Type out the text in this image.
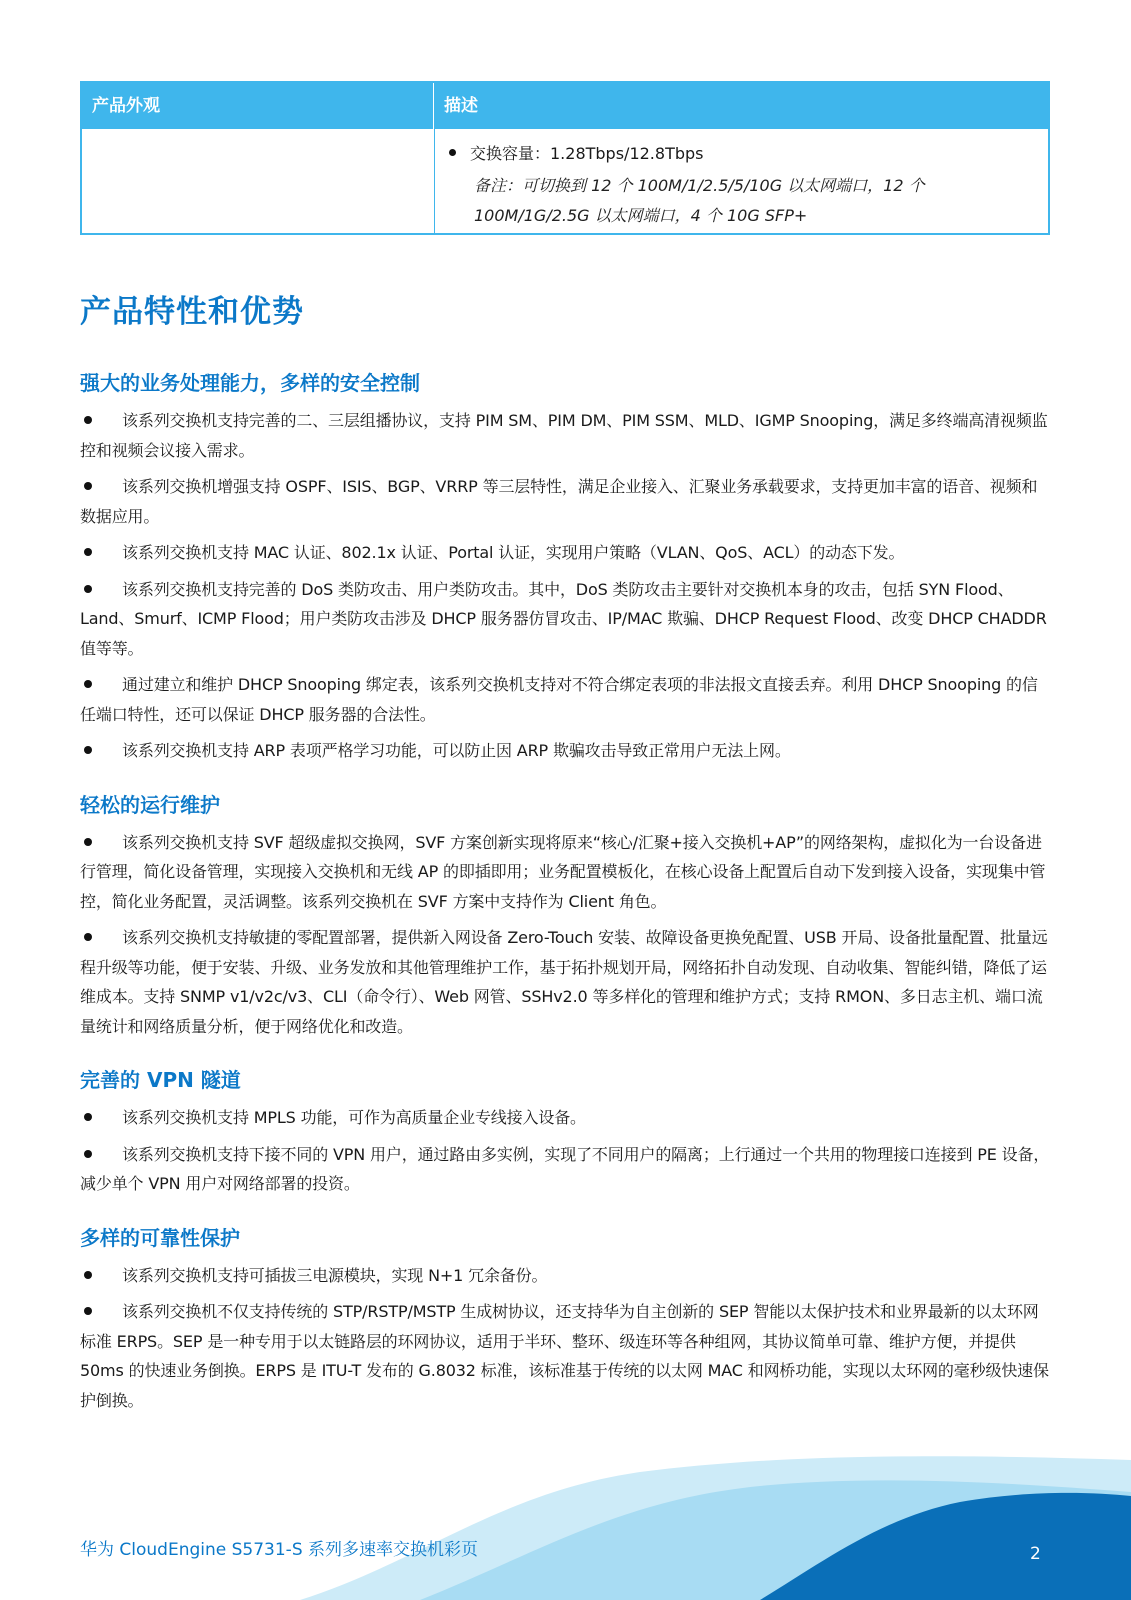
产品外观	描述
交换容量：1.28Tbps/12.8Tbps
备注：可切换到 12 个 100M/1/2.5/5/10G 以太网端口，12 个
100M/1G/2.5G 以太网端口，4 个 10G SFP+
产品特性和优势
强大的业务处理能力，多样的安全控制

该系列交换机支持完善的二、三层组播协议，支持 PIM SM、PIM DM、PIM SSM、MLD、IGMP Snooping，满足多终端高清视频监控和视频会议接入需求。

该系列交换机增强支持 OSPF、ISIS、BGP、VRRP 等三层特性，满足企业接入、汇聚业务承载要求，支持更加丰富的语音、视频和数据应用。

该系列交换机支持 MAC 认证、802.1x 认证、Portal 认证，实现用户策略（VLAN、QoS、ACL）的动态下发。

该系列交换机支持完善的 DoS 类防攻击、用户类防攻击。其中，DoS 类防攻击主要针对交换机本身的攻击，包括 SYN Flood、Land、Smurf、ICMP Flood；用户类防攻击涉及 DHCP 服务器仿冒攻击、IP/MAC 欺骗、DHCP Request Flood、改变 DHCP CHADDR 值等等。

通过建立和维护 DHCP Snooping 绑定表，该系列交换机支持对不符合绑定表项的非法报文直接丢弃。利用 DHCP Snooping 的信任端口特性，还可以保证 DHCP 服务器的合法性。

该系列交换机支持 ARP 表项严格学习功能，可以防止因 ARP 欺骗攻击导致正常用户无法上网。

轻松的运行维护

该系列交换机支持 SVF 超级虚拟交换网，SVF 方案创新实现将原来“核心/汇聚+接入交换机+AP”的网络架构，虚拟化为一台设备进行管理，简化设备管理，实现接入交换机和无线 AP 的即插即用；业务配置模板化，在核心设备上配置后自动下发到接入设备，实现集中管控，简化业务配置，灵活调整。该系列交换机在 SVF 方案中支持作为 Client 角色。

该系列交换机支持敏捷的零配置部署，提供新入网设备 Zero-Touch 安装、故障设备更换免配置、USB 开局、设备批量配置、批量远程升级等功能，便于安装、升级、业务发放和其他管理维护工作，基于拓扑规划开局，网络拓扑自动发现、自动收集、智能纠错，降低了运维成本。支持 SNMP v1/v2c/v3、CLI（命令行）、Web 网管、SSHv2.0 等多样化的管理和维护方式；支持 RMON、多日志主机、端口流量统计和网络质量分析，便于网络优化和改造。

完善的 VPN 隧道

该系列交换机支持 MPLS 功能，可作为高质量企业专线接入设备。

该系列交换机支持下接不同的 VPN 用户，通过路由多实例，实现了不同用户的隔离；上行通过一个共用的物理接口连接到 PE 设备，减少单个 VPN 用户对网络部署的投资。

多样的可靠性保护

该系列交换机支持可插拔三电源模块，实现 N+1 冗余备份。

该系列交换机不仅支持传统的 STP/RSTP/MSTP 生成树协议，还支持华为自主创新的 SEP 智能以太保护技术和业界最新的以太环网标准 ERPS。SEP 是一种专用于以太链路层的环网协议，适用于半环、整环、级连环等各种组网，其协议简单可靠、维护方便，并提供 50ms 的快速业务倒换。ERPS 是 ITU-T 发布的 G.8032 标准，该标准基于传统的以太网 MAC 和网桥功能，实现以太环网的毫秒级快速保护倒换。

华为 CloudEngine S5731-S 系列多速率交换机彩页	2
